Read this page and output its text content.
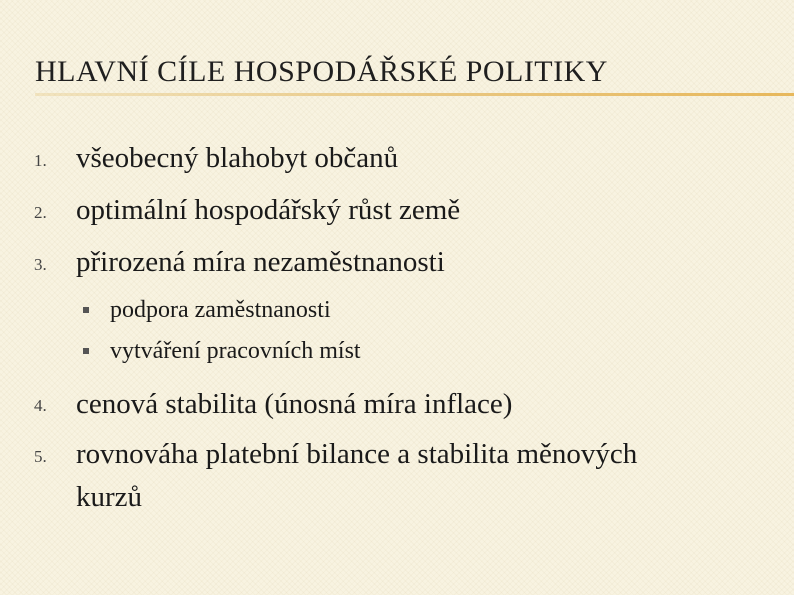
HLAVNÍ CÍLE HOSPODÁŘSKÉ POLITIKY
1. všeobecný blahobyt občanů
2. optimální hospodářský růst země
3. přirozená míra nezaměstnanosti
podpora zaměstnanosti
vytváření pracovních míst
4. cenová stabilita (únosná míra inflace)
5. rovnováha platební bilance a stabilita měnových
kurzů
